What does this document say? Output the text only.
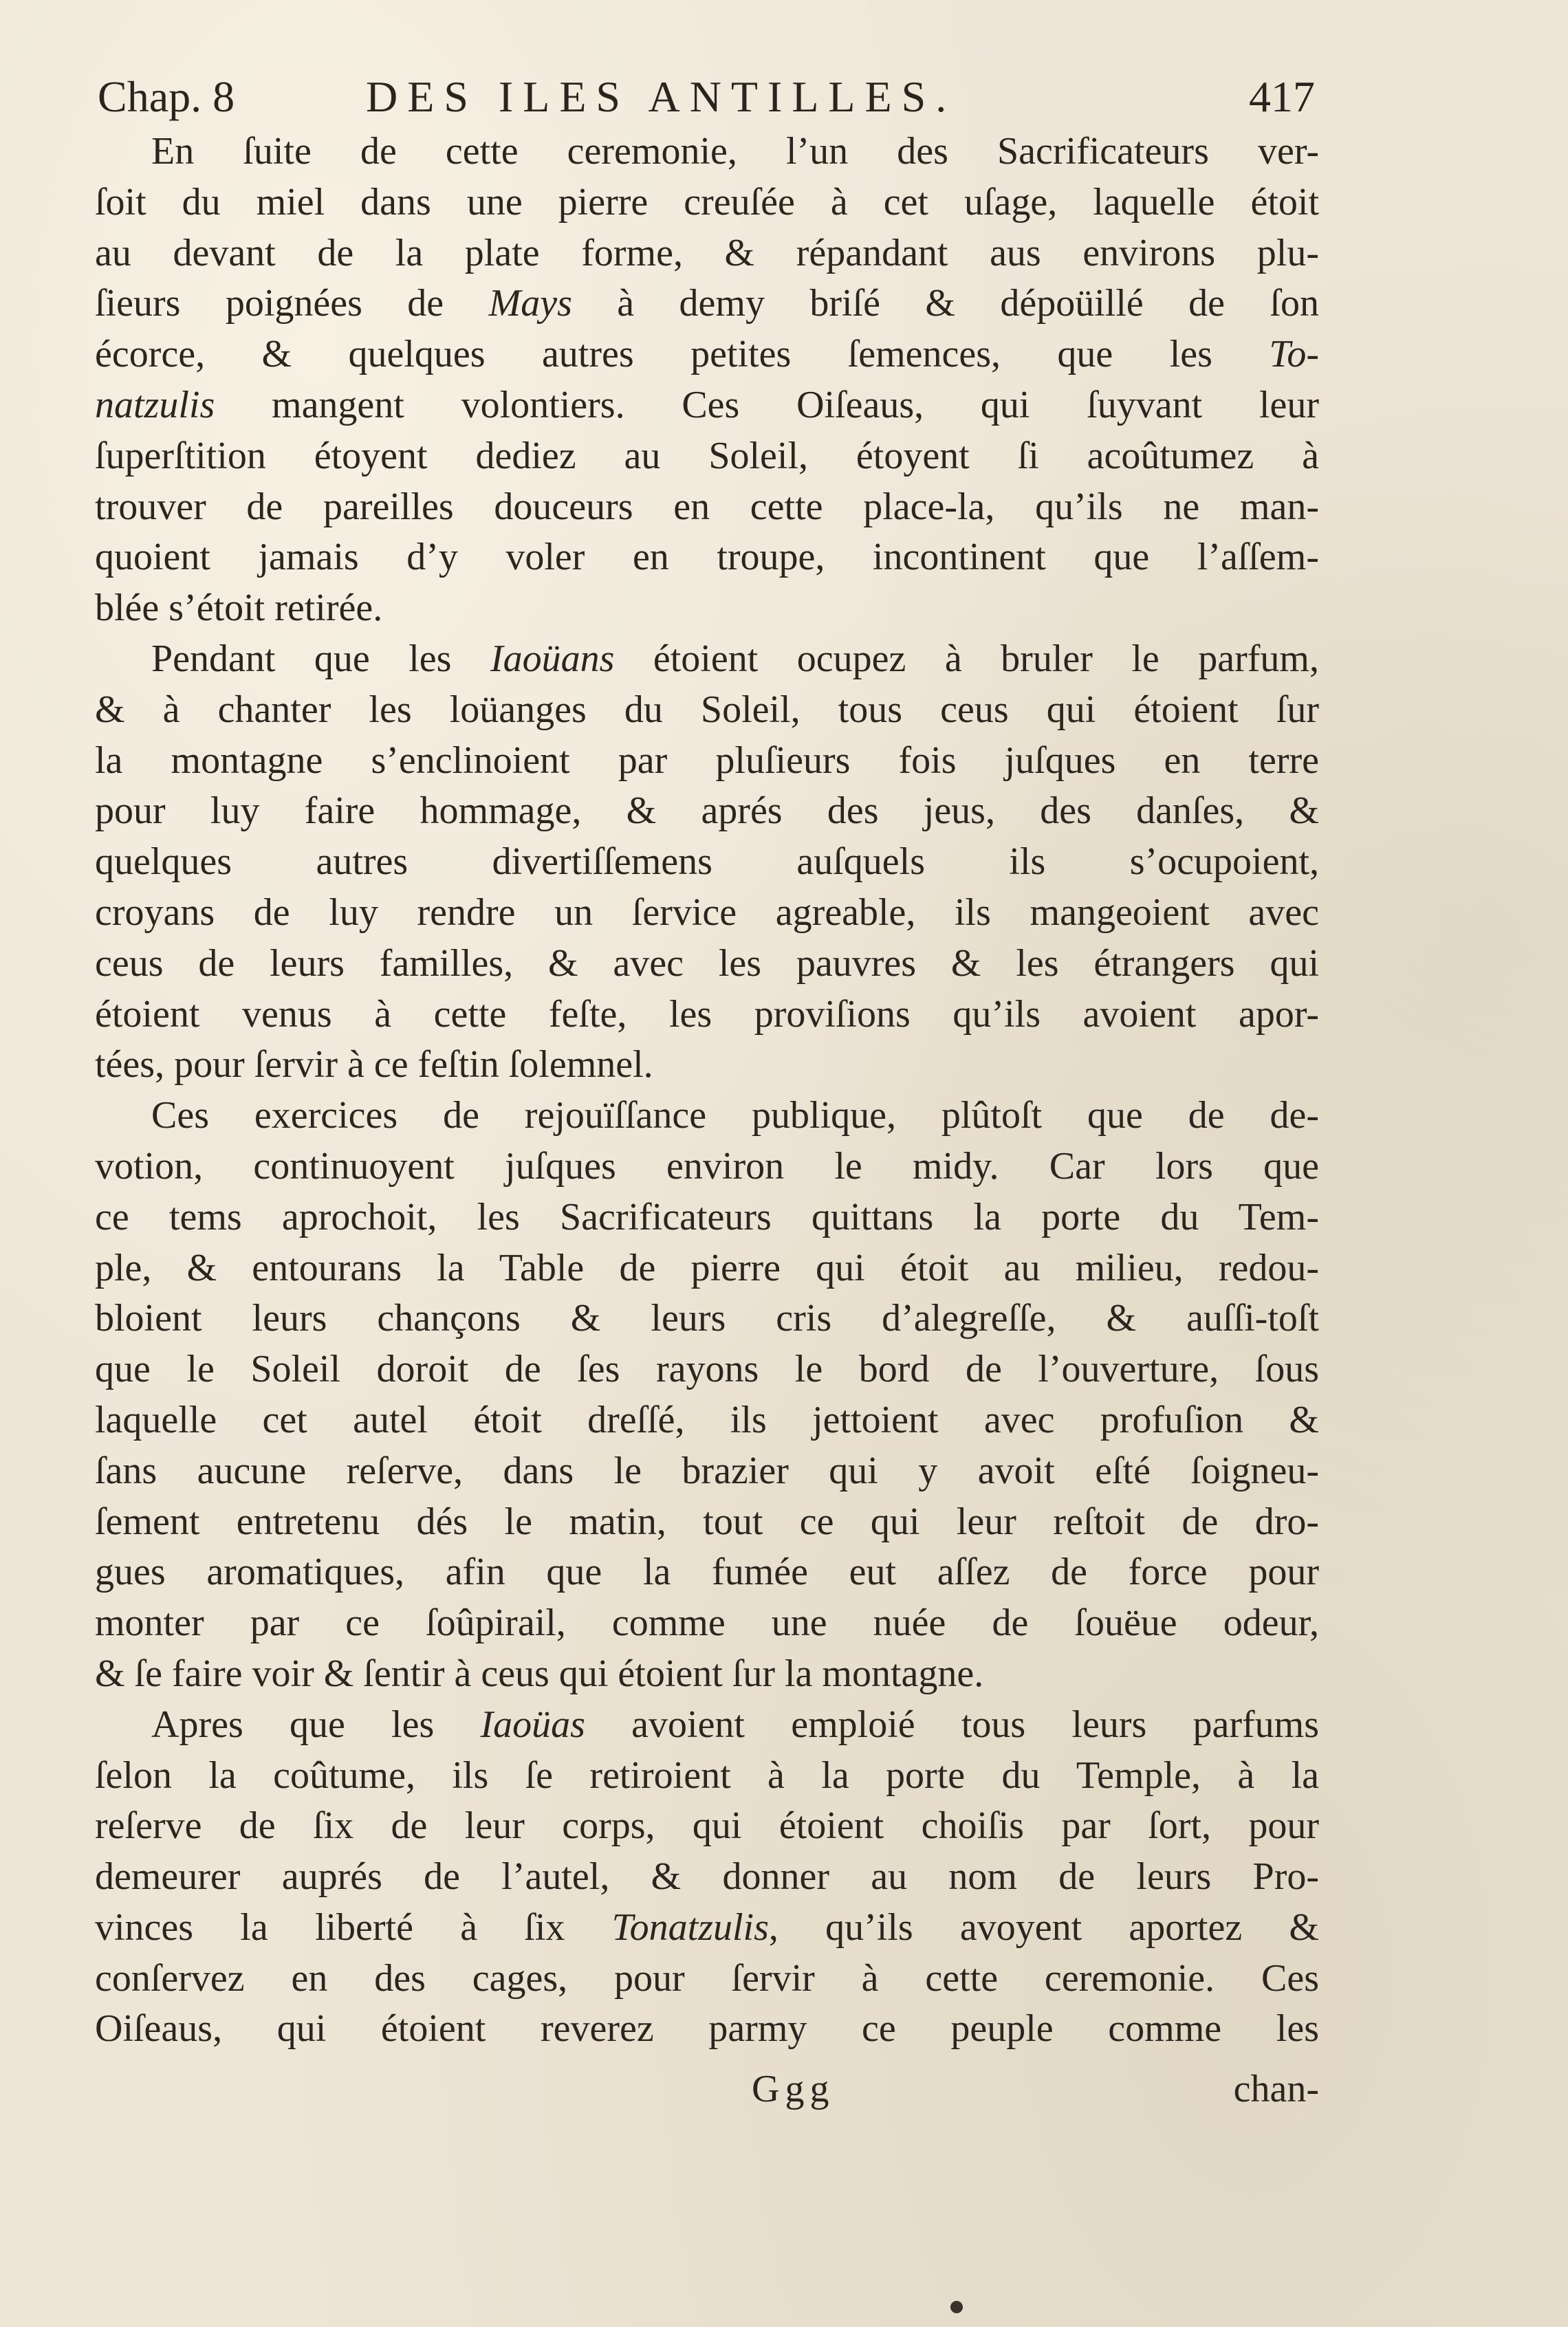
Chap. 8	DES ILES ANTILLES.	417
En ſuite de cette ceremonie, l’un des Sacrificateurs ver-
ſoit du miel dans une pierre creuſée à cet uſage, laquelle étoit
au devant de la plate forme, & répandant aus environs plu-
ſieurs poignées de Mays à demy briſé & dépoüillé de ſon
écorce, & quelques autres petites ſemences, que les To-
natzulis mangent volontiers. Ces Oiſeaus, qui ſuyvant leur
ſuperſtition étoyent dediez au Soleil, étoyent ſi acoûtumez à
trouver de pareilles douceurs en cette place-la, qu’ils ne man-
quoient jamais d’y voler en troupe, incontinent que l’aſſem-
blée s’étoit retirée.
Pendant que les Iaoüans étoient ocupez à bruler le parfum,
& à chanter les loüanges du Soleil, tous ceus qui étoient ſur
la montagne s’enclinoient par pluſieurs fois juſques en terre
pour luy faire hommage, & aprés des jeus, des danſes, &
quelques autres divertiſſemens auſquels ils s’ocupoient,
croyans de luy rendre un ſervice agreable, ils mangeoient avec
ceus de leurs familles, & avec les pauvres & les étrangers qui
étoient venus à cette feſte, les proviſions qu’ils avoient apor-
tées, pour ſervir à ce feſtin ſolemnel.
Ces exercices de rejouïſſance publique, plûtoſt que de de-
votion, continuoyent juſques environ le midy. Car lors que
ce tems aprochoit, les Sacrificateurs quittans la porte du Tem-
ple, & entourans la Table de pierre qui étoit au milieu, redou-
bloient leurs chançons & leurs cris d’alegreſſe, & auſſi-toſt
que le Soleil doroit de ſes rayons le bord de l’ouverture, ſous
laquelle cet autel étoit dreſſé, ils jettoient avec profuſion &
ſans aucune reſerve, dans le brazier qui y avoit eſté ſoigneu-
ſement entretenu dés le matin, tout ce qui leur reſtoit de dro-
gues aromatiques, afin que la fumée eut aſſez de force pour
monter par ce ſoûpirail, comme une nuée de ſouëue odeur,
& ſe faire voir & ſentir à ceus qui étoient ſur la montagne.
Apres que les Iaoüas avoient emploié tous leurs parfums
ſelon la coûtume, ils ſe retiroient à la porte du Temple, à la
reſerve de ſix de leur corps, qui étoient choiſis par ſort, pour
demeurer auprés de l’autel, & donner au nom de leurs Pro-
vinces la liberté à ſix Tonatzulis, qu’ils avoyent aportez &
conſervez en des cages, pour ſervir à cette ceremonie. Ces
Oiſeaus, qui étoient reverez parmy ce peuple comme les
Ggg	chan-
